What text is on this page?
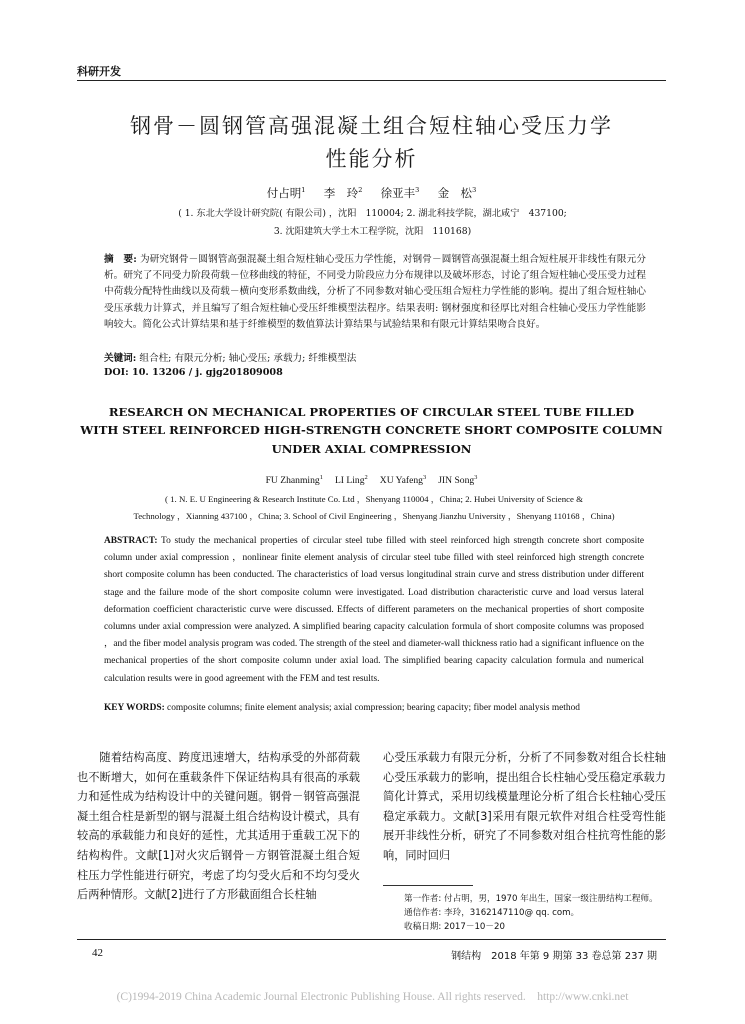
科研开发
钢骨－圆钢管高强混凝土组合短柱轴心受压力学
性能分析
付占明$^1$ 李　玲$^2$ 徐亚丰$^3$ 金　松$^3$
( 1. 东北大学设计研究院( 有限公司) ，沈阳　110004; 2. 湖北科技学院，湖北咸宁　437100;
3. 沈阳建筑大学土木工程学院，沈阳　110168)
摘　要: 为研究钢骨－圆钢管高强混凝土组合短柱轴心受压力学性能，对钢骨－圆钢管高强混凝土组合短柱展开非线性有限元分析。研究了不同受力阶段荷载－位移曲线的特征，不同受力阶段应力分布规律以及破坏形态，讨论了组合短柱轴心受压受力过程中荷载分配特性曲线以及荷载－横向变形系数曲线，分析了不同参数对轴心受压组合短柱力学性能的影响。提出了组合短柱轴心受压承载力计算式，并且编写了组合短柱轴心受压纤维模型法程序。结果表明: 钢材强度和径厚比对组合柱轴心受压力学性能影响较大。简化公式计算结果和基于纤维模型的数值算法计算结果与试验结果和有限元计算结果吻合良好。
关键词: 组合柱; 有限元分析; 轴心受压; 承载力; 纤维模型法
DOI: 10. 13206 / j. gjg201809008
RESEARCH ON MECHANICAL PROPERTIES OF CIRCULAR STEEL TUBE FILLED
WITH STEEL REINFORCED HIGH-STRENGTH CONCRETE SHORT COMPOSITE COLUMN
UNDER AXIAL COMPRESSION
FU Zhanming$^1$ LI Ling$^2$ XU Yafeng$^3$ JIN Song$^3$
( 1. N. E. U Engineering & Research Institute Co. Ltd ，Shenyang 110004 ，China; 2. Hubei University of Science &
Technology ，Xianning 437100 ，China; 3. School of Civil Engineering ，Shenyang Jianzhu University ，Shenyang 110168 ，China)
ABSTRACT: To study the mechanical properties of circular steel tube filled with steel reinforced high strength concrete short composite column under axial compression ，nonlinear finite element analysis of circular steel tube filled with steel reinforced high strength concrete short composite column has been conducted. The characteristics of load versus longitudinal strain curve and stress distribution under different stage and the failure mode of the short composite column were investigated. Load distribution characteristic curve and load versus lateral deformation coefficient characteristic curve were discussed. Effects of different parameters on the mechanical properties of short composite columns under axial compression were analyzed. A simplified bearing capacity calculation formula of short composite columns was proposed ，and the fiber model analysis program was coded. The strength of the steel and diameter-wall thickness ratio had a significant influence on the mechanical properties of the short composite column under axial load. The simplified bearing capacity calculation formula and numerical calculation results were in good agreement with the FEM and test results.
KEY WORDS: composite columns; finite element analysis; axial compression; bearing capacity; fiber model analysis method
随着结构高度、跨度迅速增大，结构承受的外部荷载也不断增大，如何在重载条件下保证结构具有很高的承载力和延性成为结构设计中的关键问题。钢骨－钢管高强混凝土组合柱是新型的钢与混凝土组合结构设计模式，具有较高的承载能力和良好的延性，尤其适用于重载工况下的结构构件。文献[1]对火灾后钢骨－方钢管混凝土组合短柱压力学性能进行研究，考虑了均匀受火后和不均匀受火后两种情形。文献[2]进行了方形截面组合长柱轴
心受压承载力有限元分析，分析了不同参数对组合长柱轴心受压承载力的影响，提出组合长柱轴心受压稳定承载力简化计算式，采用切线模量理论分析了组合长柱轴心受压稳定承载力。文献[3]采用有限元软件对组合柱受弯性能展开非线性分析，研究了不同参数对组合柱抗弯性能的影响，同时回归
第一作者: 付占明，男，1970 年出生，国家一级注册结构工程师。
通信作者: 李玲，3162147110@ qq. com。
收稿日期: 2017－10－20
42	钢结构　2018 年第 9 期第 33 卷总第 237 期
(C)1994-2019 China Academic Journal Electronic Publishing House. All rights reserved.　http://www.cnki.net
